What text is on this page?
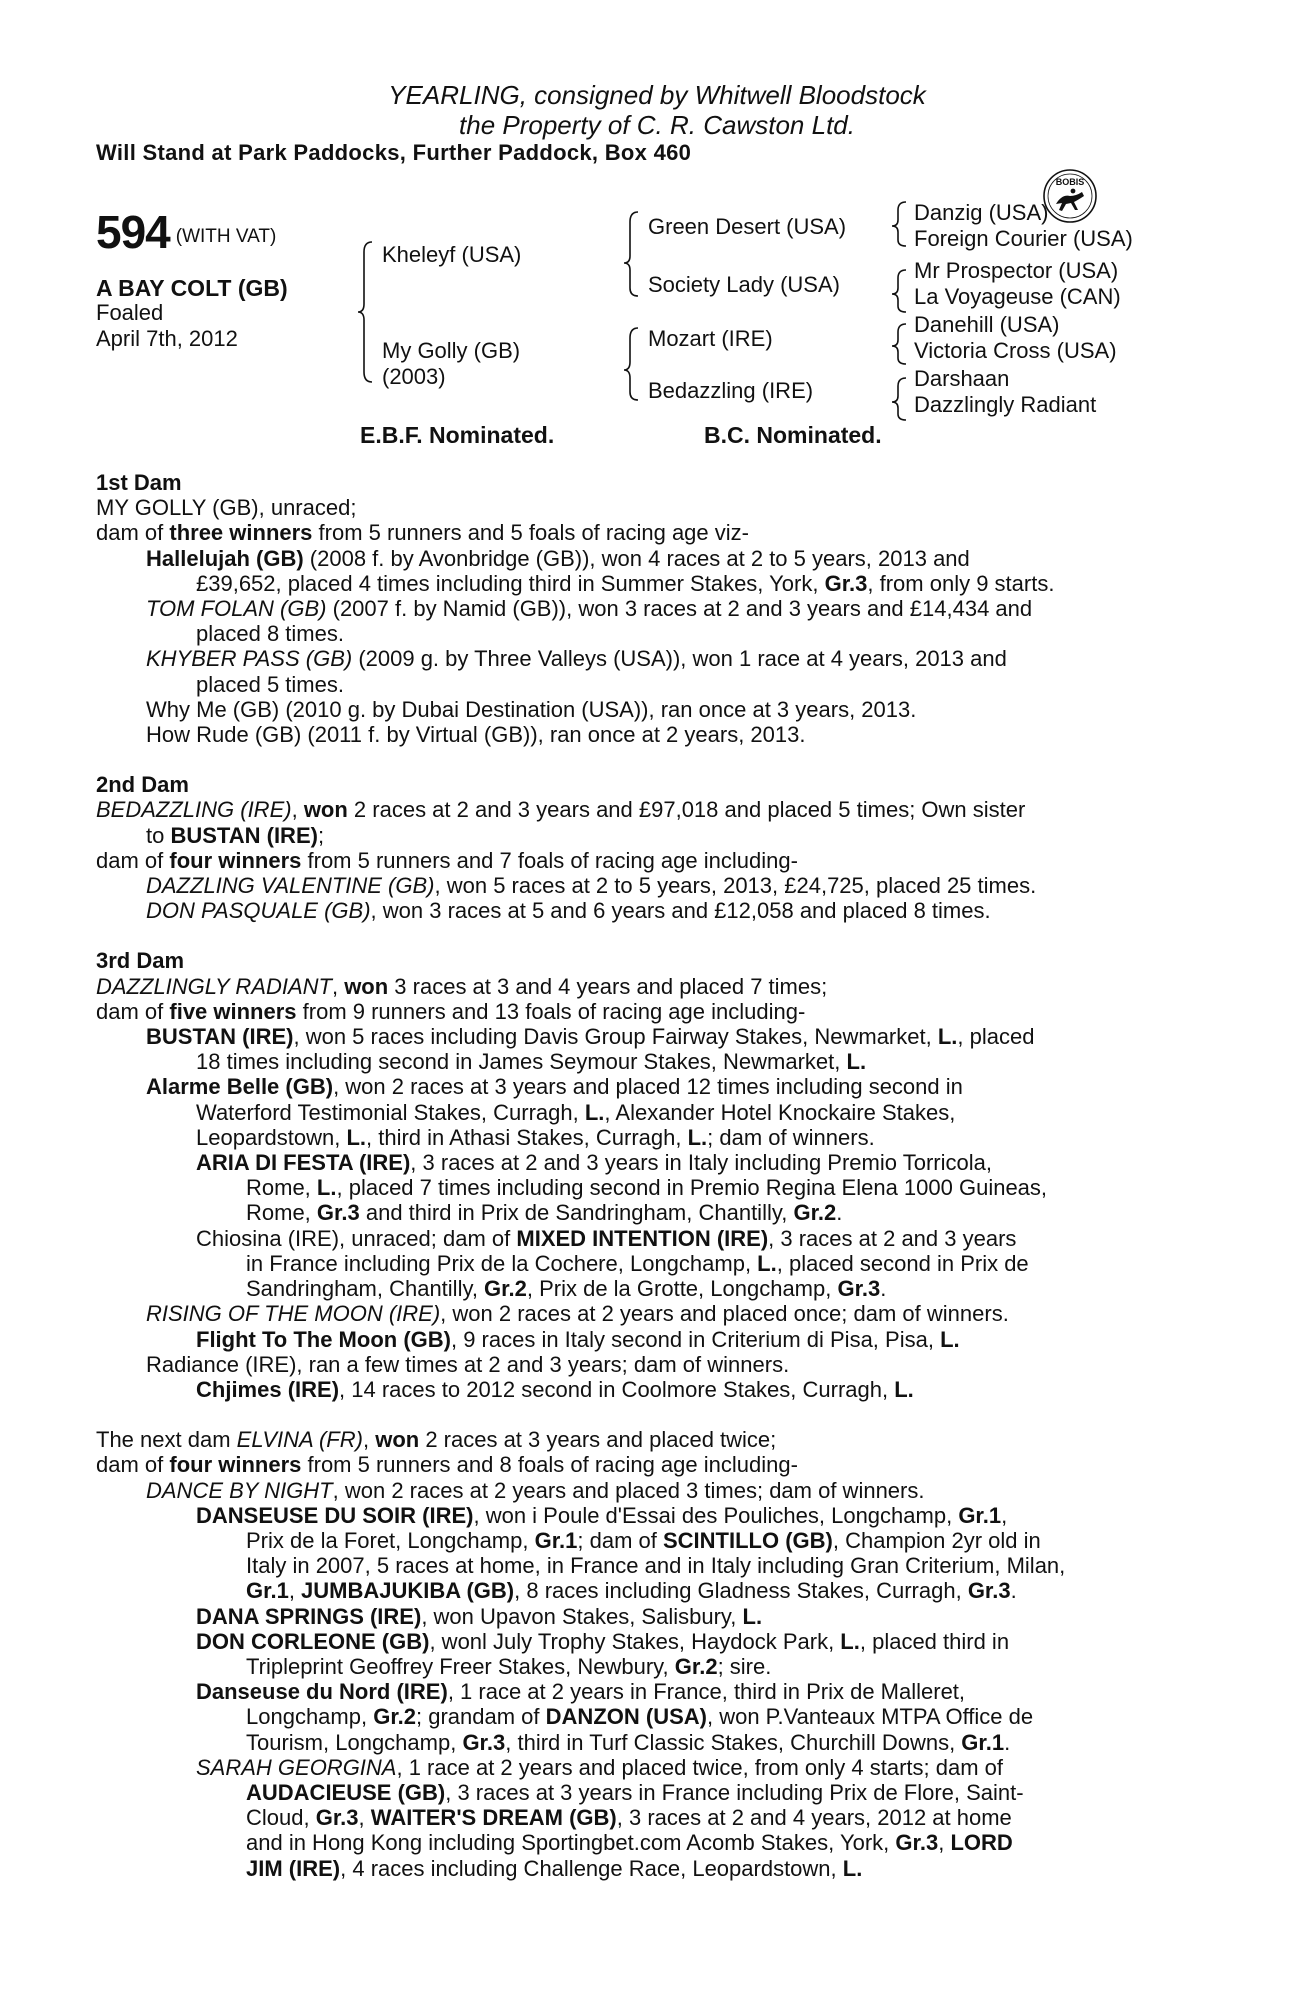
YEARLING, consigned by Whitwell Bloodstock
the Property of C. R. Cawston Ltd.
Will Stand at Park Paddocks, Further Paddock, Box 460
BOBIS
594 (WITH VAT)
A BAY COLT (GB)
Foaled
April 7th, 2012
Kheleyf (USA)
My Golly (GB)
(2003)
Green Desert (USA)
Society Lady (USA)
Mozart (IRE)
Bedazzling (IRE)
Danzig (USA)
Foreign Courier (USA)
Mr Prospector (USA)
La Voyageuse (CAN)
Danehill (USA)
Victoria Cross (USA)
Darshaan
Dazzlingly Radiant
E.B.F. Nominated.	B.C. Nominated.

1st Dam

MY GOLLY (GB), unraced;

dam of three winners from 5 runners and 5 foals of racing age viz-

Hallelujah (GB) (2008 f. by Avonbridge (GB)), won 4 races at 2 to 5 years, 2013 and

£39,652, placed 4 times including third in Summer Stakes, York, Gr.3, from only 9 starts.

TOM FOLAN (GB) (2007 f. by Namid (GB)), won 3 races at 2 and 3 years and £14,434 and

placed 8 times.

KHYBER PASS (GB) (2009 g. by Three Valleys (USA)), won 1 race at 4 years, 2013 and

placed 5 times.

Why Me (GB) (2010 g. by Dubai Destination (USA)), ran once at 3 years, 2013.

How Rude (GB) (2011 f. by Virtual (GB)), ran once at 2 years, 2013.

2nd Dam

BEDAZZLING (IRE), won 2 races at 2 and 3 years and £97,018 and placed 5 times; Own sister

to BUSTAN (IRE);

dam of four winners from 5 runners and 7 foals of racing age including-

DAZZLING VALENTINE (GB), won 5 races at 2 to 5 years, 2013, £24,725, placed 25 times.

DON PASQUALE (GB), won 3 races at 5 and 6 years and £12,058 and placed 8 times.

3rd Dam

DAZZLINGLY RADIANT, won 3 races at 3 and 4 years and placed 7 times;

dam of five winners from 9 runners and 13 foals of racing age including-

BUSTAN (IRE), won 5 races including Davis Group Fairway Stakes, Newmarket, L., placed

18 times including second in James Seymour Stakes, Newmarket, L.

Alarme Belle (GB), won 2 races at 3 years and placed 12 times including second in

Waterford Testimonial Stakes, Curragh, L., Alexander Hotel Knockaire Stakes,

Leopardstown, L., third in Athasi Stakes, Curragh, L.; dam of winners.

ARIA DI FESTA (IRE), 3 races at 2 and 3 years in Italy including Premio Torricola,

Rome, L., placed 7 times including second in Premio Regina Elena 1000 Guineas,

Rome, Gr.3 and third in Prix de Sandringham, Chantilly, Gr.2.

Chiosina (IRE), unraced; dam of MIXED INTENTION (IRE), 3 races at 2 and 3 years

in France including Prix de la Cochere, Longchamp, L., placed second in Prix de

Sandringham, Chantilly, Gr.2, Prix de la Grotte, Longchamp, Gr.3.

RISING OF THE MOON (IRE), won 2 races at 2 years and placed once; dam of winners.

Flight To The Moon (GB), 9 races in Italy second in Criterium di Pisa, Pisa, L.

Radiance (IRE), ran a few times at 2 and 3 years; dam of winners.

Chjimes (IRE), 14 races to 2012 second in Coolmore Stakes, Curragh, L.

The next dam ELVINA (FR), won 2 races at 3 years and placed twice;

dam of four winners from 5 runners and 8 foals of racing age including-

DANCE BY NIGHT, won 2 races at 2 years and placed 3 times; dam of winners.

DANSEUSE DU SOIR (IRE), won i Poule d'Essai des Pouliches, Longchamp, Gr.1,

Prix de la Foret, Longchamp, Gr.1; dam of SCINTILLO (GB), Champion 2yr old in

Italy in 2007, 5 races at home, in France and in Italy including Gran Criterium, Milan,

Gr.1, JUMBAJUKIBA (GB), 8 races including Gladness Stakes, Curragh, Gr.3.

DANA SPRINGS (IRE), won Upavon Stakes, Salisbury, L.

DON CORLEONE (GB), wonl July Trophy Stakes, Haydock Park, L., placed third in

Tripleprint Geoffrey Freer Stakes, Newbury, Gr.2; sire.

Danseuse du Nord (IRE), 1 race at 2 years in France, third in Prix de Malleret,

Longchamp, Gr.2; grandam of DANZON (USA), won P.Vanteaux MTPA Office de

Tourism, Longchamp, Gr.3, third in Turf Classic Stakes, Churchill Downs, Gr.1.

SARAH GEORGINA, 1 race at 2 years and placed twice, from only 4 starts; dam of

AUDACIEUSE (GB), 3 races at 3 years in France including Prix de Flore, Saint-

Cloud, Gr.3, WAITER'S DREAM (GB), 3 races at 2 and 4 years, 2012 at home

and in Hong Kong including Sportingbet.com Acomb Stakes, York, Gr.3, LORD

JIM (IRE), 4 races including Challenge Race, Leopardstown, L.
